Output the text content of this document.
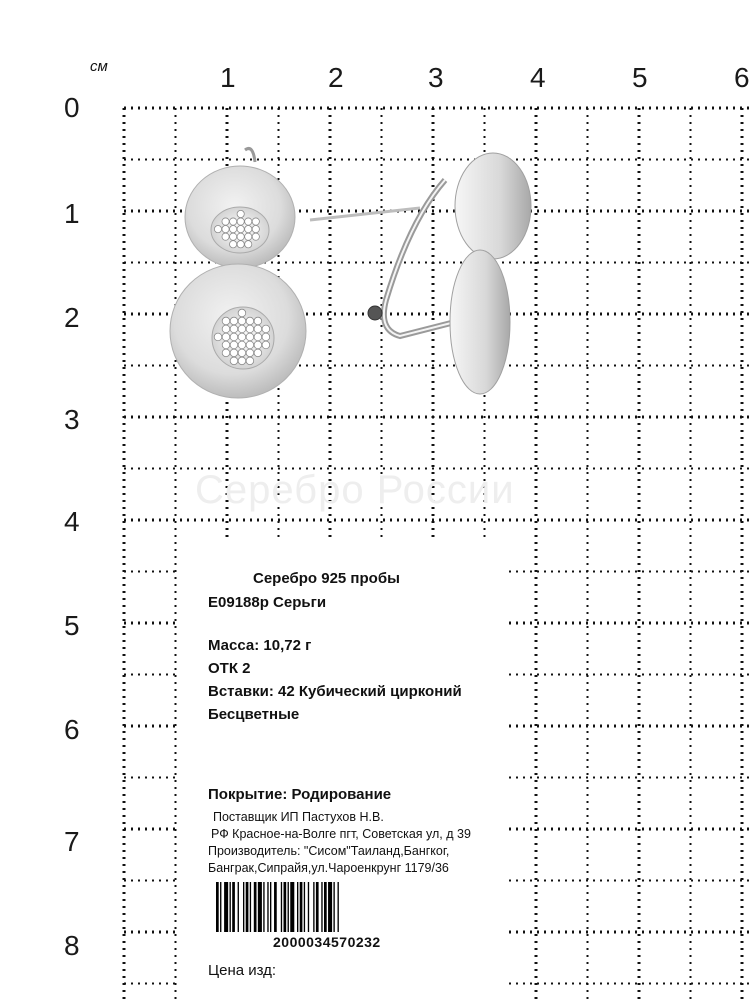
см	1	2	3	4	5	6
0
1
2
3
4
5
6
7
8
Серебро России
Серебро 925 пробы
E09188р Серьги
Масса: 10,72 г
ОТК 2
Вставки: 42 Кубический цирконий
Бесцветные
Покрытие: Родирование
Поставщик ИП Пастухов Н.В.
РФ Красное-на-Волге пгт, Советская ул, д 39
Производитель: "Сисом"Таиланд,Бангког,
Банграк,Сипрайя,ул.Чароенкрунг 1179/36
2000034570232
Цена изд:
